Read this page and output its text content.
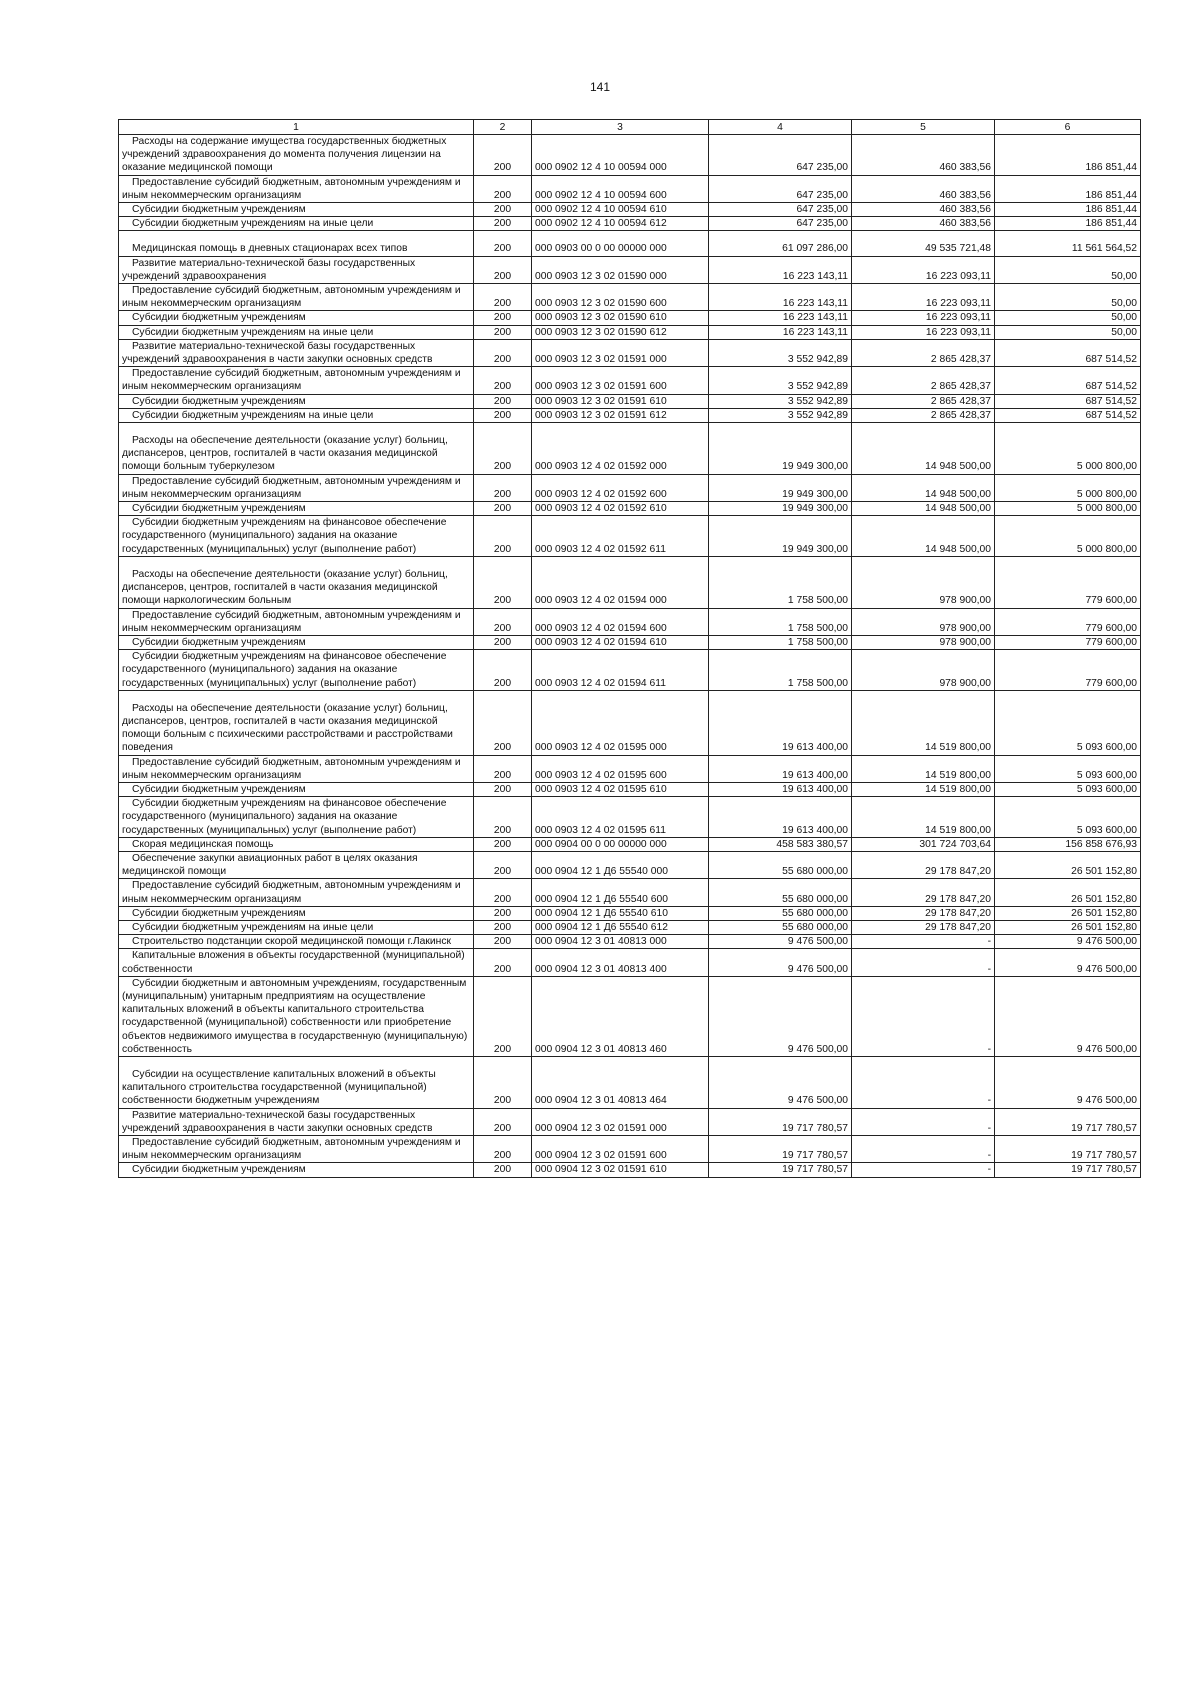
141
1	2	3	4	5	6

Расходы на содержание имущества государственных бюджетных учреждений здравоохранения до момента получения лицензии на оказание медицинской помощи	200	000 0902 12 4 10 00594 000	647 235,00	460 383,56	186 851,44

Предоставление субсидий бюджетным, автономным учреждениям и иным некоммерческим организациям	200	000 0902 12 4 10 00594 600	647 235,00	460 383,56	186 851,44

Субсидии бюджетным учреждениям	200	000 0902 12 4 10 00594 610	647 235,00	460 383,56	186 851,44

Субсидии бюджетным учреждениям на иные цели	200	000 0902 12 4 10 00594 612	647 235,00	460 383,56	186 851,44

Медицинская помощь в дневных стационарах всех типов	200	000 0903 00 0 00 00000 000	61 097 286,00	49 535 721,48	11 561 564,52

Развитие материально-технической базы государственных учреждений здравоохранения	200	000 0903 12 3 02 01590 000	16 223 143,11	16 223 093,11	50,00

Предоставление субсидий бюджетным, автономным учреждениям и иным некоммерческим организациям	200	000 0903 12 3 02 01590 600	16 223 143,11	16 223 093,11	50,00

Субсидии бюджетным учреждениям	200	000 0903 12 3 02 01590 610	16 223 143,11	16 223 093,11	50,00

Субсидии бюджетным учреждениям на иные цели	200	000 0903 12 3 02 01590 612	16 223 143,11	16 223 093,11	50,00

Развитие материально-технической базы государственных учреждений здравоохранения в части закупки основных средств	200	000 0903 12 3 02 01591 000	3 552 942,89	2 865 428,37	687 514,52

Предоставление субсидий бюджетным, автономным учреждениям и иным некоммерческим организациям	200	000 0903 12 3 02 01591 600	3 552 942,89	2 865 428,37	687 514,52

Субсидии бюджетным учреждениям	200	000 0903 12 3 02 01591 610	3 552 942,89	2 865 428,37	687 514,52

Субсидии бюджетным учреждениям на иные цели	200	000 0903 12 3 02 01591 612	3 552 942,89	2 865 428,37	687 514,52

Расходы на обеспечение деятельности (оказание услуг) больниц, диспансеров, центров, госпиталей в части оказания медицинской помощи больным туберкулезом	200	000 0903 12 4 02 01592 000	19 949 300,00	14 948 500,00	5 000 800,00

Предоставление субсидий бюджетным, автономным учреждениям и иным некоммерческим организациям	200	000 0903 12 4 02 01592 600	19 949 300,00	14 948 500,00	5 000 800,00

Субсидии бюджетным учреждениям	200	000 0903 12 4 02 01592 610	19 949 300,00	14 948 500,00	5 000 800,00

Субсидии бюджетным учреждениям на финансовое обеспечение государственного (муниципального) задания на оказание государственных (муниципальных) услуг (выполнение работ)	200	000 0903 12 4 02 01592 611	19 949 300,00	14 948 500,00	5 000 800,00

Расходы на обеспечение деятельности (оказание услуг) больниц, диспансеров, центров, госпиталей в части оказания медицинской помощи наркологическим больным	200	000 0903 12 4 02 01594 000	1 758 500,00	978 900,00	779 600,00

Предоставление субсидий бюджетным, автономным учреждениям и иным некоммерческим организациям	200	000 0903 12 4 02 01594 600	1 758 500,00	978 900,00	779 600,00

Субсидии бюджетным учреждениям	200	000 0903 12 4 02 01594 610	1 758 500,00	978 900,00	779 600,00

Субсидии бюджетным учреждениям на финансовое обеспечение государственного (муниципального) задания на оказание государственных (муниципальных) услуг (выполнение работ)	200	000 0903 12 4 02 01594 611	1 758 500,00	978 900,00	779 600,00

Расходы на обеспечение деятельности (оказание услуг) больниц, диспансеров, центров, госпиталей в части оказания медицинской помощи больным с психическими расстройствами и расстройствами поведения	200	000 0903 12 4 02 01595 000	19 613 400,00	14 519 800,00	5 093 600,00

Предоставление субсидий бюджетным, автономным учреждениям и иным некоммерческим организациям	200	000 0903 12 4 02 01595 600	19 613 400,00	14 519 800,00	5 093 600,00

Субсидии бюджетным учреждениям	200	000 0903 12 4 02 01595 610	19 613 400,00	14 519 800,00	5 093 600,00

Субсидии бюджетным учреждениям на финансовое обеспечение государственного (муниципального) задания на оказание государственных (муниципальных) услуг (выполнение работ)	200	000 0903 12 4 02 01595 611	19 613 400,00	14 519 800,00	5 093 600,00

Скорая медицинская помощь	200	000 0904 00 0 00 00000 000	458 583 380,57	301 724 703,64	156 858 676,93

Обеспечение закупки авиационных работ в целях оказания медицинской помощи	200	000 0904 12 1 Д6 55540 000	55 680 000,00	29 178 847,20	26 501 152,80

Предоставление субсидий бюджетным, автономным учреждениям и иным некоммерческим организациям	200	000 0904 12 1 Д6 55540 600	55 680 000,00	29 178 847,20	26 501 152,80

Субсидии бюджетным учреждениям	200	000 0904 12 1 Д6 55540 610	55 680 000,00	29 178 847,20	26 501 152,80

Субсидии бюджетным учреждениям на иные цели	200	000 0904 12 1 Д6 55540 612	55 680 000,00	29 178 847,20	26 501 152,80

Строительство подстанции скорой медицинской помощи г.Лакинск	200	000 0904 12 3 01 40813 000	9 476 500,00	-	9 476 500,00

Капитальные вложения в объекты государственной (муниципальной) собственности	200	000 0904 12 3 01 40813 400	9 476 500,00	-	9 476 500,00

Субсидии бюджетным и автономным учреждениям, государственным (муниципальным) унитарным предприятиям на осуществление капитальных вложений в объекты капитального строительства государственной (муниципальной) собственности или приобретение объектов недвижимого имущества в государственную (муниципальную) собственность	200	000 0904 12 3 01 40813 460	9 476 500,00	-	9 476 500,00

Субсидии на осуществление капитальных вложений в объекты капитального строительства государственной (муниципальной) собственности бюджетным учреждениям	200	000 0904 12 3 01 40813 464	9 476 500,00	-	9 476 500,00

Развитие материально-технической базы государственных учреждений здравоохранения в части закупки основных средств	200	000 0904 12 3 02 01591 000	19 717 780,57	-	19 717 780,57

Предоставление субсидий бюджетным, автономным учреждениям и иным некоммерческим организациям	200	000 0904 12 3 02 01591 600	19 717 780,57	-	19 717 780,57

Субсидии бюджетным учреждениям	200	000 0904 12 3 02 01591 610	19 717 780,57	-	19 717 780,57
